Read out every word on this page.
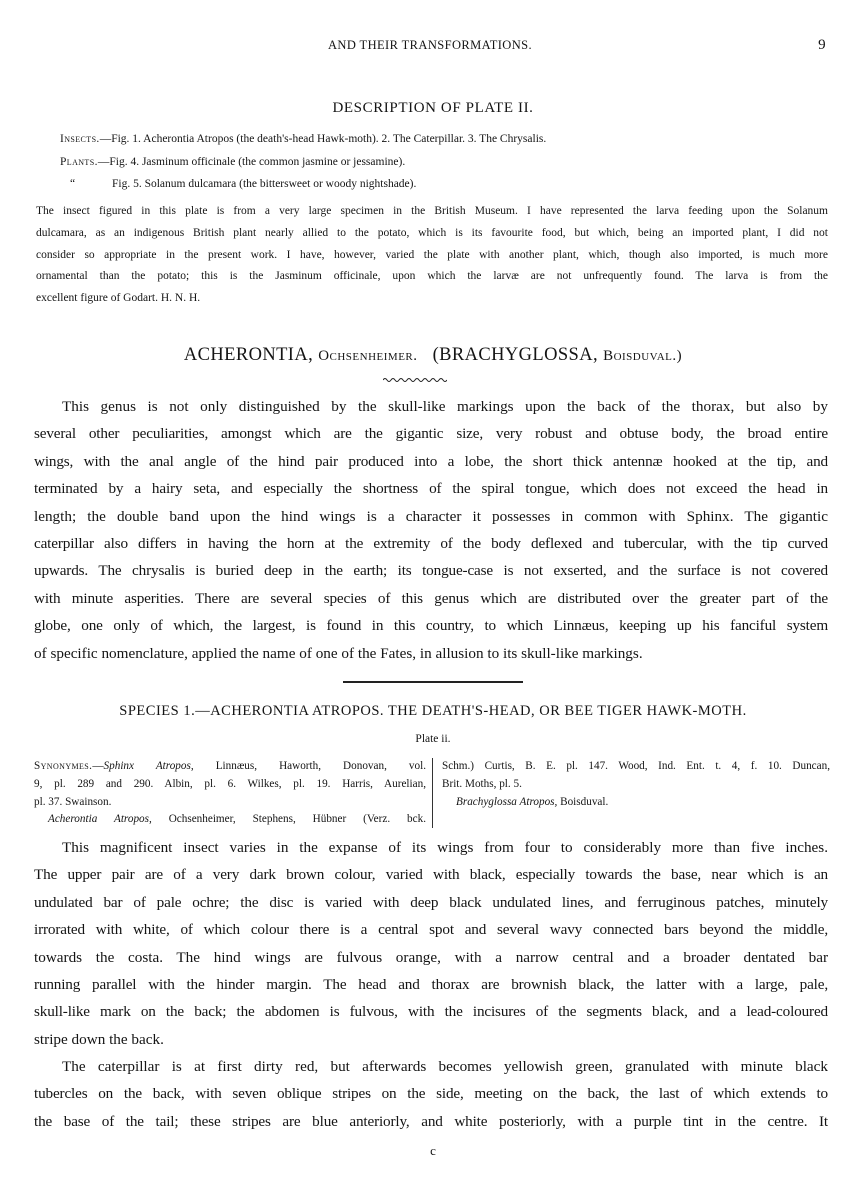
AND THEIR TRANSFORMATIONS.	9
DESCRIPTION OF PLATE II.
Insects.—Fig. 1. Acherontia Atropos (the death's-head Hawk-moth). 2. The Caterpillar. 3. The Chrysalis.
Plants.—Fig. 4. Jasminum officinale (the common jasmine or jessamine).
“	Fig. 5. Solanum dulcamara (the bittersweet or woody nightshade).
The insect figured in this plate is from a very large specimen in the British Museum. I have represented the larva feeding upon the Solanum
dulcamara, as an indigenous British plant nearly allied to the potato, which is its favourite food, but which, being an imported plant, I did not
consider so appropriate in the present work. I have, however, varied the plate with another plant, which, though also imported, is much more
ornamental than the potato; this is the Jasminum officinale, upon which the larvæ are not unfrequently found. The larva is from the
excellent figure of Godart. H. N. H.
ACHERONTIA, Ochsenheimer. (BRACHYGLOSSA, Boisduval.)
This genus is not only distinguished by the skull-like markings upon the back of the thorax, but also by
several other peculiarities, amongst which are the gigantic size, very robust and obtuse body, the broad entire
wings, with the anal angle of the hind pair produced into a lobe, the short thick antennæ hooked at the tip, and
terminated by a hairy seta, and especially the shortness of the spiral tongue, which does not exceed the head in
length; the double band upon the hind wings is a character it possesses in common with Sphinx. The gigantic
caterpillar also differs in having the horn at the extremity of the body deflexed and tubercular, with the tip curved
upwards. The chrysalis is buried deep in the earth; its tongue-case is not exserted, and the surface is not covered
with minute asperities. There are several species of this genus which are distributed over the greater part of the
globe, one only of which, the largest, is found in this country, to which Linnæus, keeping up his fanciful system
of specific nomenclature, applied the name of one of the Fates, in allusion to its skull-like markings.
SPECIES 1.—ACHERONTIA ATROPOS. THE DEATH'S-HEAD, OR BEE TIGER HAWK-MOTH.
Plate ii.
Synonymes.—Sphinx Atropos, Linnæus, Haworth, Donovan, vol.
9, pl. 289 and 290. Albin, pl. 6. Wilkes, pl. 19. Harris, Aurelian,
pl. 37. Swainson.
Acherontia Atropos, Ochsenheimer, Stephens, Hübner (Verz. bck.
Schm.) Curtis, B. E. pl. 147. Wood, Ind. Ent. t. 4, f. 10. Duncan,
Brit. Moths, pl. 5.
Brachyglossa Atropos, Boisduval.
This magnificent insect varies in the expanse of its wings from four to considerably more than five inches.
The upper pair are of a very dark brown colour, varied with black, especially towards the base, near which is an
undulated bar of pale ochre; the disc is varied with deep black undulated lines, and ferruginous patches, minutely
irrorated with white, of which colour there is a central spot and several wavy connected bars beyond the middle,
towards the costa. The hind wings are fulvous orange, with a narrow central and a broader dentated bar
running parallel with the hinder margin. The head and thorax are brownish black, the latter with a large, pale,
skull-like mark on the back; the abdomen is fulvous, with the incisures of the segments black, and a lead-coloured
stripe down the back.
The caterpillar is at first dirty red, but afterwards becomes yellowish green, granulated with minute black
tubercles on the back, with seven oblique stripes on the side, meeting on the back, the last of which extends to
the base of the tail; these stripes are blue anteriorly, and white posteriorly, with a purple tint in the centre. It
c
